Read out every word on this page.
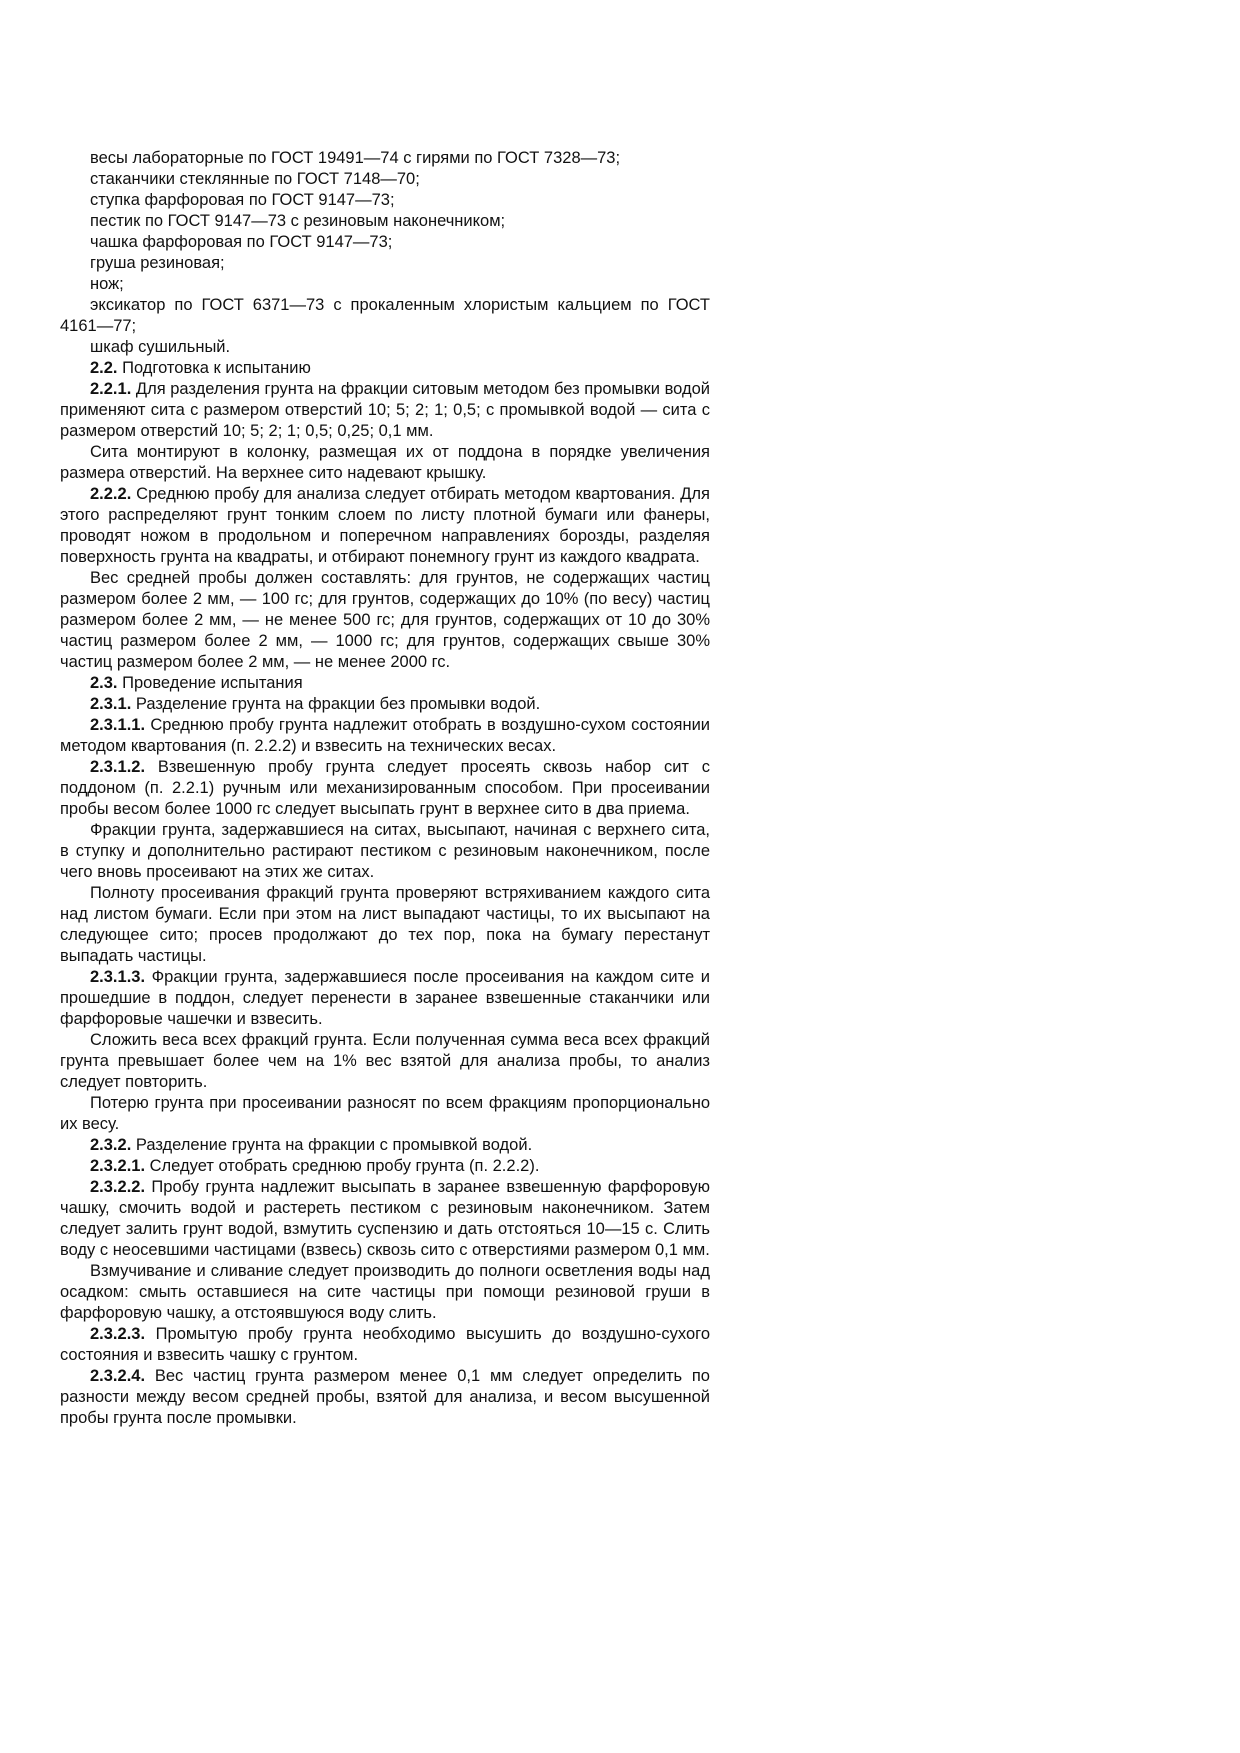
весы лабораторные по ГОСТ 19491—74 с гирями по ГОСТ 7328—73;

стаканчики стеклянные по ГОСТ 7148—70;

ступка фарфоровая по ГОСТ 9147—73;

пестик по ГОСТ 9147—73 с резиновым наконечником;

чашка фарфоровая по ГОСТ 9147—73;

груша резиновая;

нож;

эксикатор по ГОСТ 6371—73 с прокаленным хлористым кальцием по ГОСТ 4161—77;

шкаф сушильный.

2.2. Подготовка к испытанию

2.2.1. Для разделения грунта на фракции ситовым методом без промывки водой применяют сита с размером отверстий 10; 5; 2; 1; 0,5; с промывкой водой — сита с размером отверстий 10; 5; 2; 1; 0,5; 0,25; 0,1 мм.

Сита монтируют в колонку, размещая их от поддона в порядке увеличения размера отверстий. На верхнее сито надевают крышку.

2.2.2. Среднюю пробу для анализа следует отбирать методом квартования. Для этого распределяют грунт тонким слоем по листу плотной бумаги или фанеры, проводят ножом в продольном и поперечном направлениях борозды, разделяя поверхность грунта на квадраты, и отбирают понемногу грунт из каждого квадрата.

Вес средней пробы должен составлять: для грунтов, не содержащих частиц размером более 2 мм, — 100 гс; для грунтов, содержащих до 10% (по весу) частиц размером более 2 мм, — не менее 500 гс; для грунтов, содержащих от 10 до 30% частиц размером более 2 мм, — 1000 гс; для грунтов, содержащих свыше 30% частиц размером более 2 мм, — не менее 2000 гс.

2.3. Проведение испытания

2.3.1. Разделение грунта на фракции без промывки водой.

2.3.1.1. Среднюю пробу грунта надлежит отобрать в воздушно-сухом состоянии методом квартования (п. 2.2.2) и взвесить на технических весах.

2.3.1.2. Взвешенную пробу грунта следует просеять сквозь набор сит с поддоном (п. 2.2.1) ручным или механизированным способом. При просеивании пробы весом более 1000 гс следует высыпать грунт в верхнее сито в два приема.

Фракции грунта, задержавшиеся на ситах, высыпают, начиная с верхнего сита, в ступку и дополнительно растирают пестиком с резиновым наконечником, после чего вновь просеивают на этих же ситах.

Полноту просеивания фракций грунта проверяют встряхиванием каждого сита над листом бумаги. Если при этом на лист выпадают частицы, то их высыпают на следующее сито; просев продолжают до тех пор, пока на бумагу перестанут выпадать частицы.

2.3.1.3. Фракции грунта, задержавшиеся после просеивания на каждом сите и прошедшие в поддон, следует перенести в заранее взвешенные стаканчики или фарфоровые чашечки и взвесить.

Сложить веса всех фракций грунта. Если полученная сумма веса всех фракций грунта превышает более чем на 1% вес взятой для анализа пробы, то анализ следует повторить.

Потерю грунта при просеивании разносят по всем фракциям пропорционально их весу.

2.3.2. Разделение грунта на фракции с промывкой водой.

2.3.2.1. Следует отобрать среднюю пробу грунта (п. 2.2.2).

2.3.2.2. Пробу грунта надлежит высыпать в заранее взвешенную фарфоровую чашку, смочить водой и растереть пестиком с резиновым наконечником. Затем следует залить грунт водой, взмутить суспензию и дать отстояться 10—15 с. Слить воду с неосевшими частицами (взвесь) сквозь сито с отверстиями размером 0,1 мм.

Взмучивание и сливание следует производить до полноги осветления воды над осадком: смыть оставшиеся на сите частицы при помощи резиновой груши в фарфоровую чашку, а отстоявшуюся воду слить.

2.3.2.3. Промытую пробу грунта необходимо высушить до воздушно-сухого состояния и взвесить чашку с грунтом.

2.3.2.4. Вес частиц грунта размером менее 0,1 мм следует определить по разности между весом средней пробы, взятой для анализа, и весом высушенной пробы грунта после промывки.
